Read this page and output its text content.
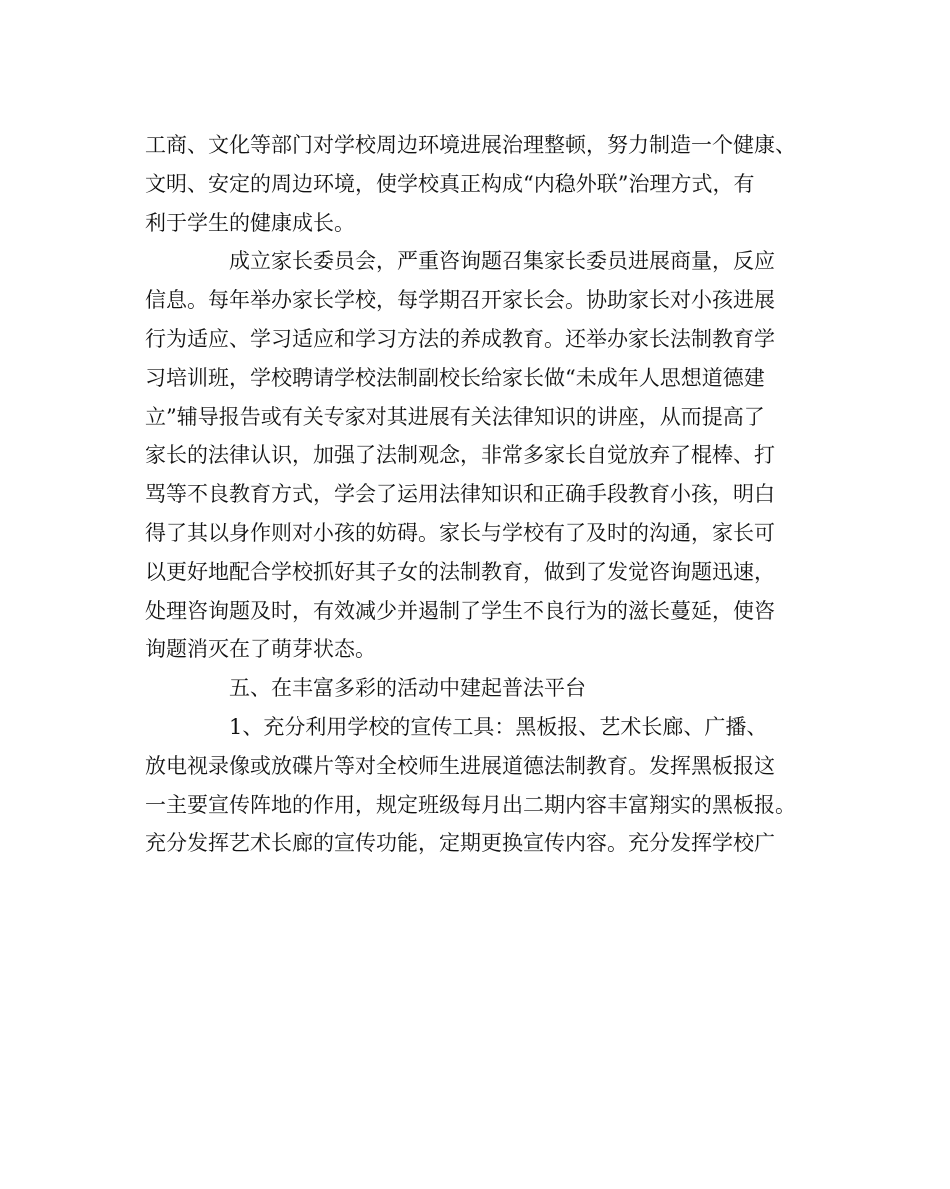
工商、文化等部门对学校周边环境进展治理整顿，努力制造一个健康、
文明、安定的周边环境，使学校真正构成“内稳外联”治理方式，有
利于学生的健康成长。
成立家长委员会，严重咨询题召集家长委员进展商量，反应
信息。每年举办家长学校，每学期召开家长会。协助家长对小孩进展
行为适应、学习适应和学习方法的养成教育。还举办家长法制教育学
习培训班，学校聘请学校法制副校长给家长做“未成年人思想道德建
立”辅导报告或有关专家对其进展有关法律知识的讲座，从而提高了
家长的法律认识，加强了法制观念，非常多家长自觉放弃了棍棒、打
骂等不良教育方式，学会了运用法律知识和正确手段教育小孩，明白
得了其以身作则对小孩的妨碍。家长与学校有了及时的沟通，家长可
以更好地配合学校抓好其子女的法制教育，做到了发觉咨询题迅速，
处理咨询题及时，有效减少并遏制了学生不良行为的滋长蔓延，使咨
询题消灭在了萌芽状态。
五、在丰富多彩的活动中建起普法平台
1、充分利用学校的宣传工具：黑板报、艺术长廊、广播、
放电视录像或放碟片等对全校师生进展道德法制教育。发挥黑板报这
一主要宣传阵地的作用，规定班级每月出二期内容丰富翔实的黑板报。
充分发挥艺术长廊的宣传功能，定期更换宣传内容。充分发挥学校广
